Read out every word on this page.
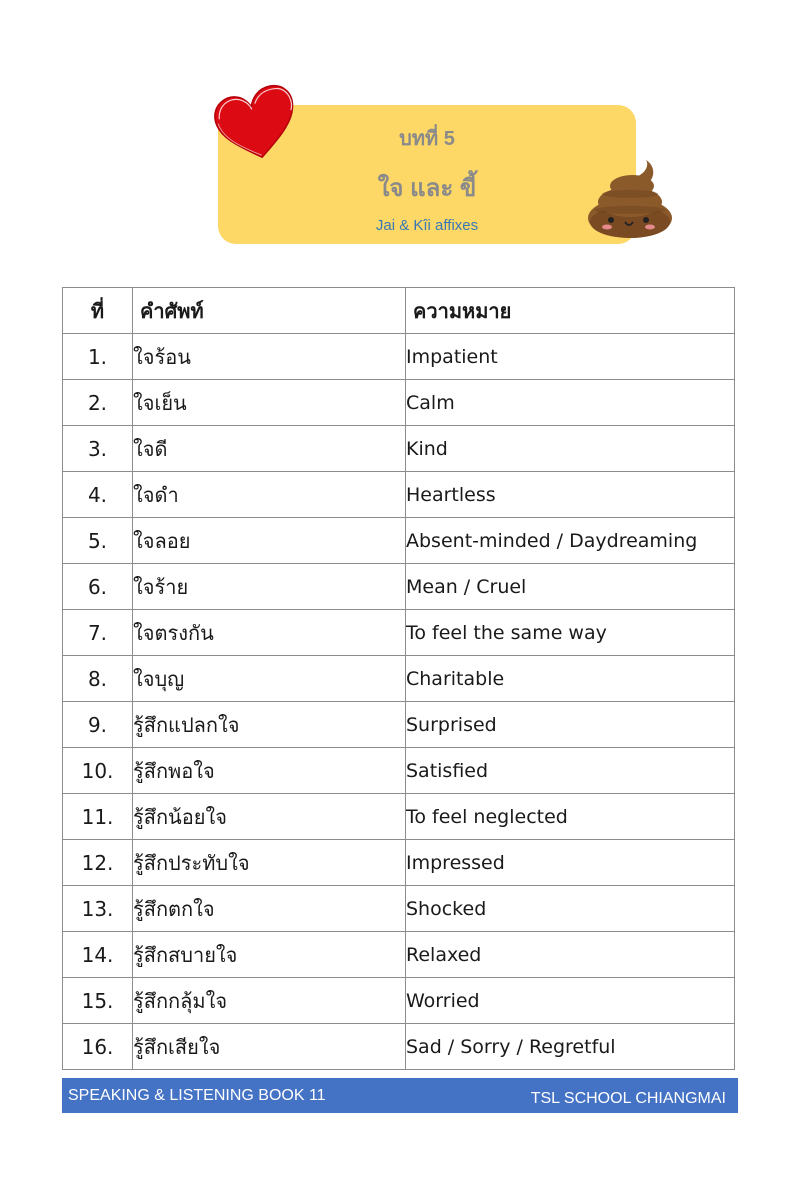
บทที่ 5
ใจ และ ขี้
Jai & Kîi affixes
ที่	คำศัพท์	ความหมาย
1.	ใจร้อน	Impatient
2.	ใจเย็น	Calm
3.	ใจดี	Kind
4.	ใจดำ	Heartless
5.	ใจลอย	Absent-minded / Daydreaming
6.	ใจร้าย	Mean / Cruel
7.	ใจตรงกัน	To feel the same way
8.	ใจบุญ	Charitable
9.	รู้สึกแปลกใจ	Surprised
10.	รู้สึกพอใจ	Satisfied
11.	รู้สึกน้อยใจ	To feel neglected
12.	รู้สึกประทับใจ	Impressed
13.	รู้สึกตกใจ	Shocked
14.	รู้สึกสบายใจ	Relaxed
15.	รู้สึกกลุ้มใจ	Worried
16.	รู้สึกเสียใจ	Sad / Sorry / Regretful
SPEAKING & LISTENING BOOK 11	TSL SCHOOL CHIANGMAI
